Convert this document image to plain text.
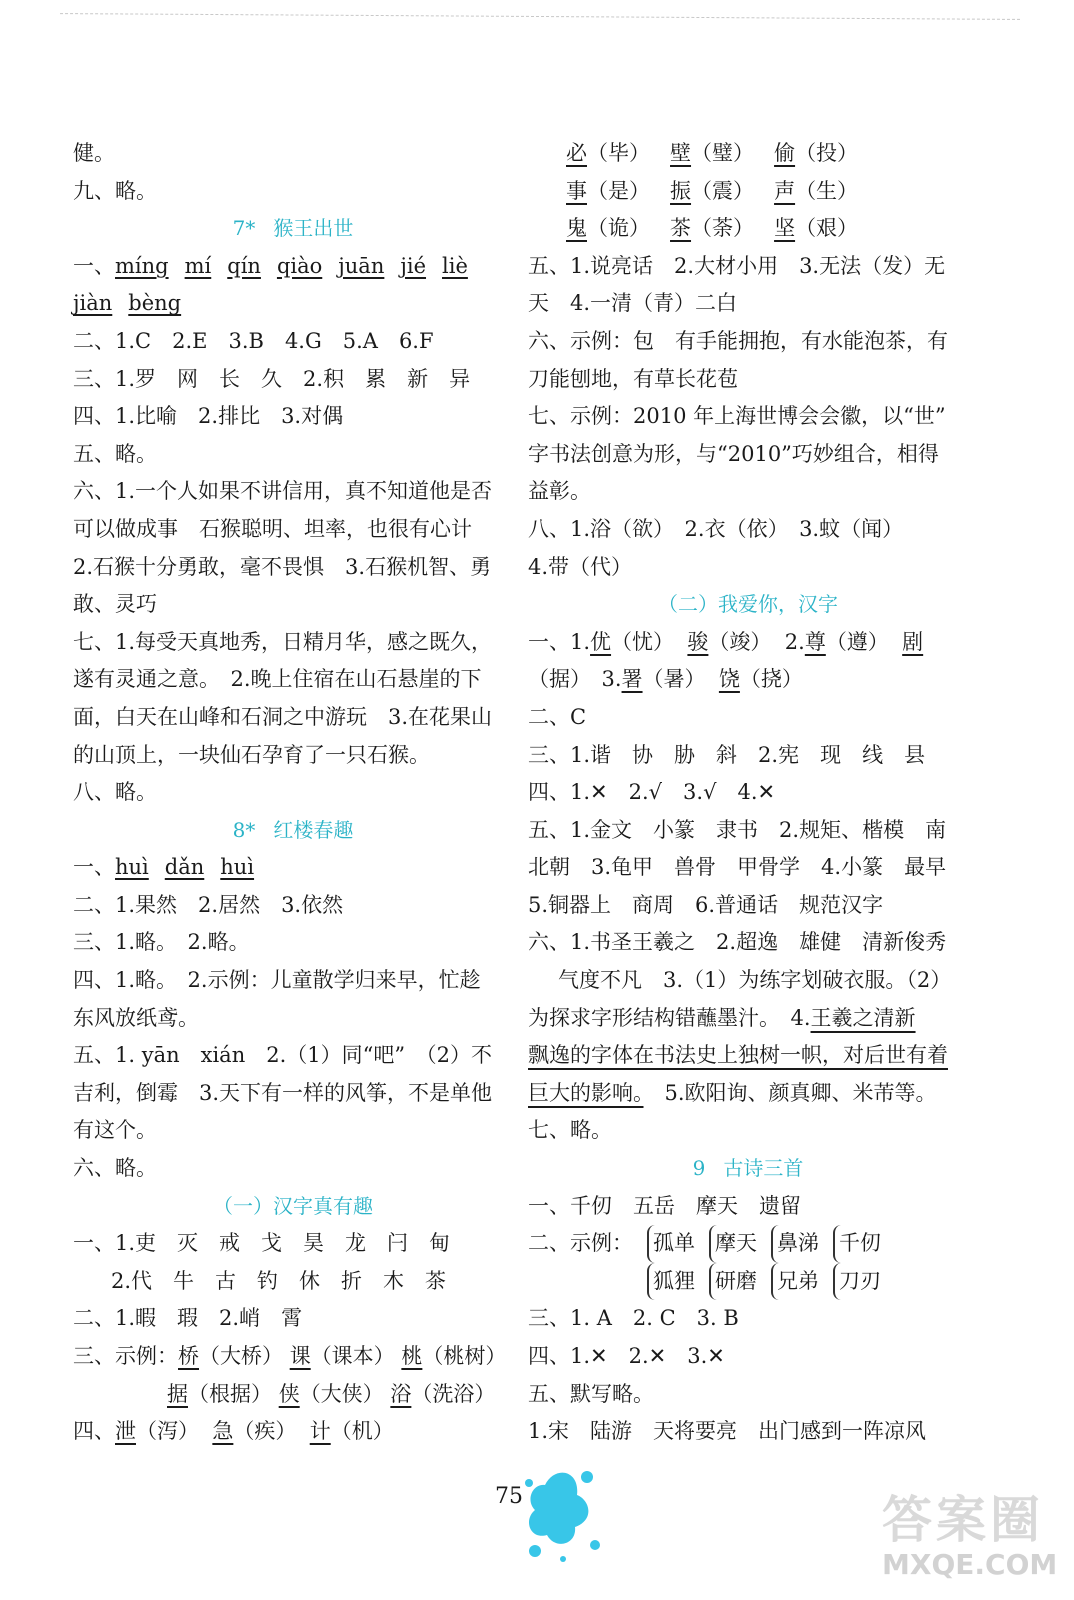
健。
九、略。
7* 猴王出世
一、míng mí qín qiào juān jié liè
jiàn bèng
二、1.C　2.E　3.B　4.G　5.A　6.F
三、1.罗　网　长　久　2.积　累　新　异
四、1.比喻　2.排比　3.对偶
五、略。
六、1.一个人如果不讲信用，真不知道他是否
可以做成事　石猴聪明、坦率，也很有心计
2.石猴十分勇敢，毫不畏惧　3.石猴机智、勇
敢、灵巧
七、1.每受天真地秀，日精月华，感之既久，
遂有灵通之意。　2.晚上住宿在山石悬崖的下
面，白天在山峰和石洞之中游玩　3.在花果山
的山顶上，一块仙石孕育了一只石猴。
八、略。
8* 红楼春趣
一、huì dǎn huì
二、1.果然　2.居然　3.依然
三、1.略。　2.略。
四、1.略。　2.示例：儿童散学归来早，忙趁
东风放纸鸢。
五、1. yān　xián　2.（1）同“吧”　（2）不
吉利，倒霉　3.天下有一样的风筝，不是单他
有这个。
六、略。
（一）汉字真有趣
一、1.吏　灭　戒　戈　昊　龙　闩　甸
2.代　牛　古　钓　休　折　木　茶
二、1.暇　瑕　2.峭　霄
三、示例：桥（大桥） 课（课本） 桃（桃树）
据（根据） 侠（大侠） 浴（洗浴）
四、泄（泻） 急（疾） 计（机）
必（毕） 壁（璧） 偷（投）
事（是） 振（震） 声（生）
鬼（诡） 茶（荼） 坚（艰）
五、1.说亮话　2.大材小用　3.无法（发）无
天　4.一清（青）二白
六、示例：包　有手能拥抱，有水能泡茶，有
刀能刨地，有草长花苞
七、示例：2010 年上海世博会会徽，以“世”
字书法创意为形，与“2010”巧妙组合，相得
益彰。
八、1.浴（欲）　2.衣（依）　3.蚊（闻）
4.带（代）
（二）我爱你，汉字
一、1.优（忧） 骏（竣） 2.尊（遵） 剧
（据）　3.署（暑） 饶（挠）
二、C
三、1.谐　协　胁　斜　2.宪　现　线　县
四、1.✕　2.√　3.√　4.✕
五、1.金文　小篆　隶书　2.规矩、楷模　南
北朝　3.龟甲　兽骨　甲骨学　4.小篆　最早
5.铜器上　商周　6.普通话　规范汉字
六、1.书圣王羲之　2.超逸　雄健　清新俊秀
气度不凡　3.（1）为练字划破衣服。（2）
为探求字形结构错蘸墨汁。　4.王羲之清新
飘逸的字体在书法史上独树一帜，对后世有着
巨大的影响。　5.欧阳询、颜真卿、米芾等。
七、略。
9 古诗三首
一、千仞　五岳　摩天　遗留
二、示例： 孤单
狐狸
摩天
研磨
鼻涕
兄弟
千仞
刀刃
三、1. A　2. C　3. B
四、1.✕　2.✕　3.✕
五、默写略。
1.宋　陆游　天将要亮　出门感到一阵凉风
75	答案圈
MXQE.COM
